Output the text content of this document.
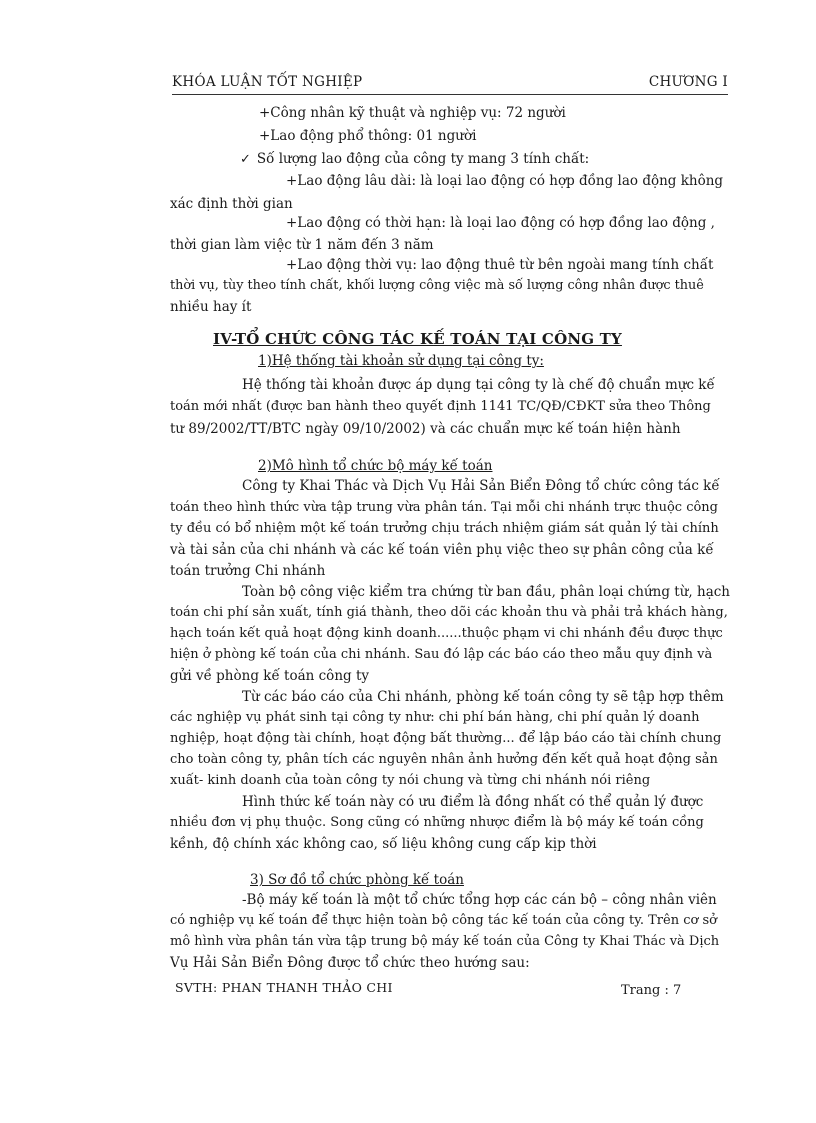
KHÓA LUẬN TỐT NGHIỆP	CHƯƠNG I
+Công nhân kỹ thuật và nghiệp vụ: 72 người
+Lao động phổ thông: 01 người
✓ Số lượng lao động của công ty mang 3 tính chất:
+Lao động lâu dài: là loại lao động có hợp đồng lao động không
xác định thời gian
+Lao động có thời hạn: là loại lao động có hợp đồng lao động ,
thời gian làm việc từ 1 năm đến 3 năm
+Lao động thời vụ: lao động thuê từ bên ngoài mang tính chất
thời vụ, tùy theo tính chất, khối lượng công việc mà số lượng công nhân được thuê
nhiều hay ít
IV-TỔ CHỨC CÔNG TÁC KẾ TOÁN TẠI CÔNG TY
1)Hệ thống tài khoản sử dụng tại công ty:
Hệ thống tài khoản được áp dụng tại công ty là chế độ chuẩn mực kế
toán mới nhất (được ban hành theo quyết định 1141 TC/QĐ/CĐKT sửa theo Thông
tư 89/2002/TT/BTC ngày 09/10/2002) và các chuẩn mực kế toán hiện hành
2)Mô hình tổ chức bộ máy kế toán
Công ty Khai Thác và Dịch Vụ Hải Sản Biển Đông tổ chức công tác kế
toán theo hình thức vừa tập trung vừa phân tán. Tại mỗi chi nhánh trực thuộc công
ty đều có bổ nhiệm một kế toán trưởng chịu trách nhiệm giám sát quản lý tài chính
và tài sản của chi nhánh và các kế toán viên phụ việc theo sự phân công của kế
toán trưởng Chi nhánh
Toàn bộ công việc kiểm tra chứng từ ban đầu, phân loại chứng từ, hạch
toán chi phí sản xuất, tính giá thành, theo dõi các khoản thu và phải trả khách hàng,
hạch toán kết quả hoạt động kinh doanh......thuộc phạm vi chi nhánh đều được thực
hiện ở phòng kế toán của chi nhánh. Sau đó lập các báo cáo theo mẫu quy định và
gửi về phòng kế toán công ty
Từ các báo cáo của Chi nhánh, phòng kế toán công ty sẽ tập hợp thêm
các nghiệp vụ phát sinh tại công ty như: chi phí bán hàng, chi phí quản lý doanh
nghiệp, hoạt động tài chính, hoạt động bất thường... để lập báo cáo tài chính chung
cho toàn công ty, phân tích các nguyên nhân ảnh hưởng đến kết quả hoạt động sản
xuất- kinh doanh của toàn công ty nói chung và từng chi nhánh nói riêng
Hình thức kế toán này có ưu điểm là đồng nhất có thể quản lý được
nhiều đơn vị phụ thuộc. Song cũng có những nhược điểm là bộ máy kế toán cồng
kềnh, độ chính xác không cao, số liệu không cung cấp kịp thời
3) Sơ đồ tổ chức phòng kế toán
-Bộ máy kế toán là một tổ chức tổng hợp các cán bộ – công nhân viên
có nghiệp vụ kế toán để thực hiện toàn bộ công tác kế toán của công ty. Trên cơ sở
mô hình vừa phân tán vừa tập trung bộ máy kế toán của Công ty Khai Thác và Dịch
Vụ Hải Sản Biển Đông được tổ chức theo hướng sau:
SVTH: PHAN THANH THẢO CHI	Trang : 7
